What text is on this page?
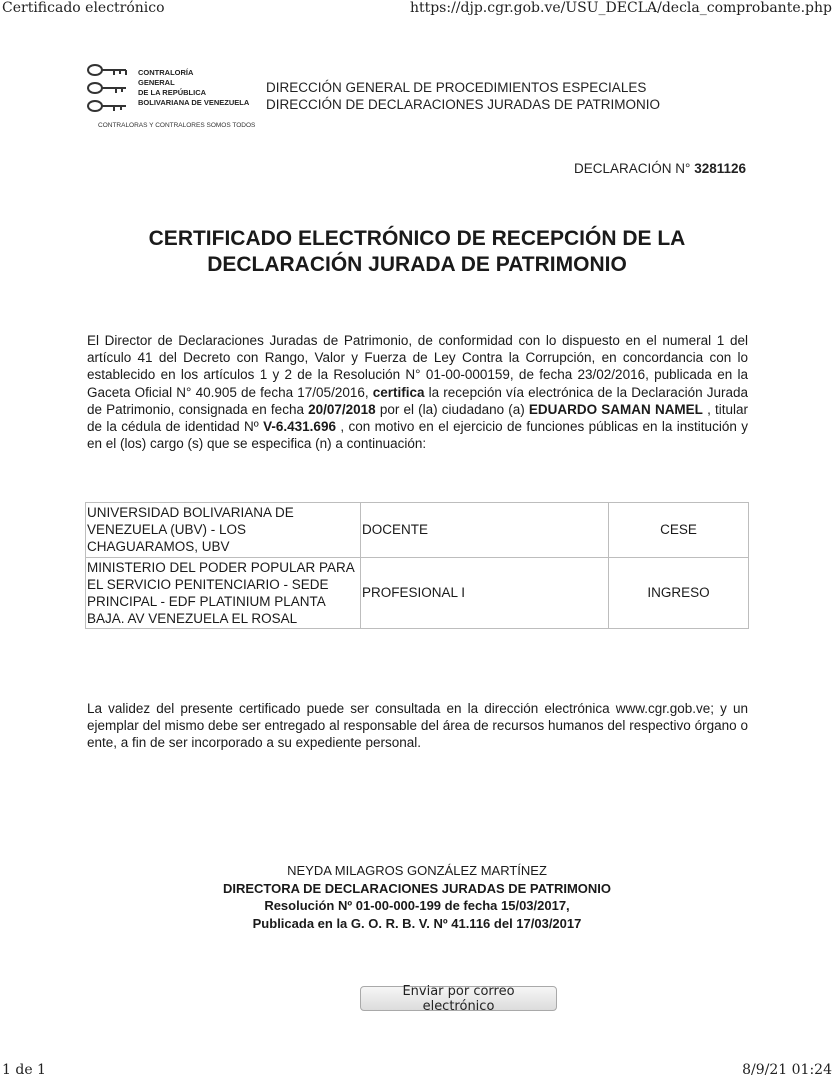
Certificado electrónico	https://djp.cgr.gob.ve/USU_DECLA/decla_comprobante.php
CONTRALORÍA
GENERAL
DE LA REPÚBLICA
BOLIVARIANA DE VENEZUELA
CONTRALORAS Y CONTRALORES SOMOS TODOS
DIRECCIÓN GENERAL DE PROCEDIMIENTOS ESPECIALES
DIRECCIÓN DE DECLARACIONES JURADAS DE PATRIMONIO
DECLARACIÓN N° 3281126
CERTIFICADO ELECTRÓNICO DE RECEPCIÓN DE LA
DECLARACIÓN JURADA DE PATRIMONIO
El Director de Declaraciones Juradas de Patrimonio, de conformidad con lo dispuesto en el numeral 1 del artículo 41 del Decreto con Rango, Valor y Fuerza de Ley Contra la Corrupción, en concordancia con lo establecido en los artículos 1 y 2 de la Resolución N° 01-00-000159, de fecha 23/02/2016, publicada en la Gaceta Oficial N° 40.905 de fecha 17/05/2016, certifica la recepción vía electrónica de la Declaración Jurada de Patrimonio, consignada en fecha 20/07/2018 por el (la) ciudadano (a) EDUARDO SAMAN NAMEL , titular de la cédula de identidad Nº V-6.431.696 , con motivo en el ejercicio de funciones públicas en la institución y en el (los) cargo (s) que se especifica (n) a continuación:
UNIVERSIDAD BOLIVARIANA DE VENEZUELA (UBV) - LOS CHAGUARAMOS, UBV	DOCENTE	CESE
MINISTERIO DEL PODER POPULAR PARA EL SERVICIO PENITENCIARIO - SEDE PRINCIPAL - EDF PLATINIUM PLANTA BAJA. AV VENEZUELA EL ROSAL	PROFESIONAL I	INGRESO
La validez del presente certificado puede ser consultada en la dirección electrónica www.cgr.gob.ve; y un ejemplar del mismo debe ser entregado al responsable del área de recursos humanos del respectivo órgano o ente, a fin de ser incorporado a su expediente personal.
NEYDA MILAGROS GONZÁLEZ MARTÍNEZ
DIRECTORA DE DECLARACIONES JURADAS DE PATRIMONIO
Resolución Nº 01-00-000-199 de fecha 15/03/2017,
Publicada en la G. O. R. B. V. Nº 41.116 del 17/03/2017
Enviar por correo electrónico
1 de 1	8/9/21 01:24
